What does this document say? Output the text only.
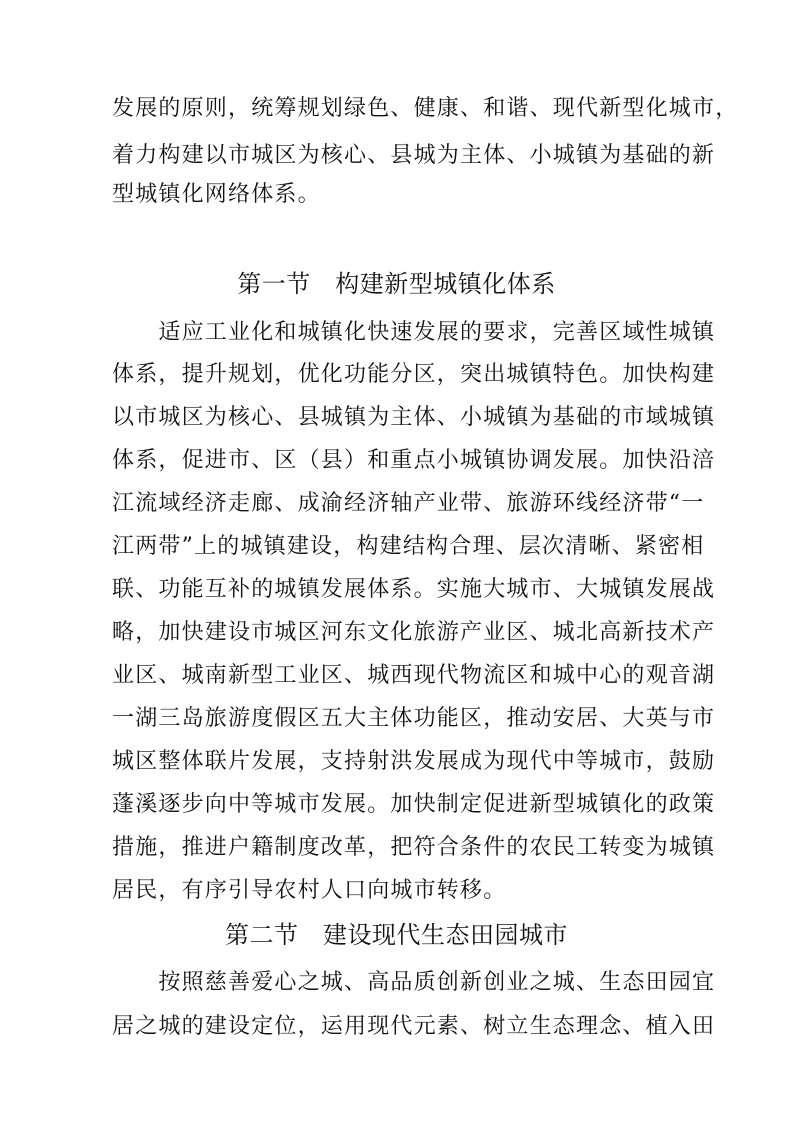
发展的原则，统筹规划绿色、健康、和谐、现代新型化城市，
着力构建以市城区为核心、县城为主体、小城镇为基础的新
型城镇化网络体系。
第一节　构建新型城镇化体系
　　适应工业化和城镇化快速发展的要求，完善区域性城镇
体系，提升规划，优化功能分区，突出城镇特色。加快构建
以市城区为核心、县城镇为主体、小城镇为基础的市域城镇
体系，促进市、区（县）和重点小城镇协调发展。加快沿涪
江流域经济走廊、成渝经济轴产业带、旅游环线经济带“一
江两带”上的城镇建设，构建结构合理、层次清晰、紧密相
联、功能互补的城镇发展体系。实施大城市、大城镇发展战
略，加快建设市城区河东文化旅游产业区、城北高新技术产
业区、城南新型工业区、城西现代物流区和城中心的观音湖
一湖三岛旅游度假区五大主体功能区，推动安居、大英与市
城区整体联片发展，支持射洪发展成为现代中等城市，鼓励
蓬溪逐步向中等城市发展。加快制定促进新型城镇化的政策
措施，推进户籍制度改革，把符合条件的农民工转变为城镇
居民，有序引导农村人口向城市转移。
第二节　建设现代生态田园城市
　　按照慈善爱心之城、高品质创新创业之城、生态田园宜
居之城的建设定位，运用现代元素、树立生态理念、植入田
